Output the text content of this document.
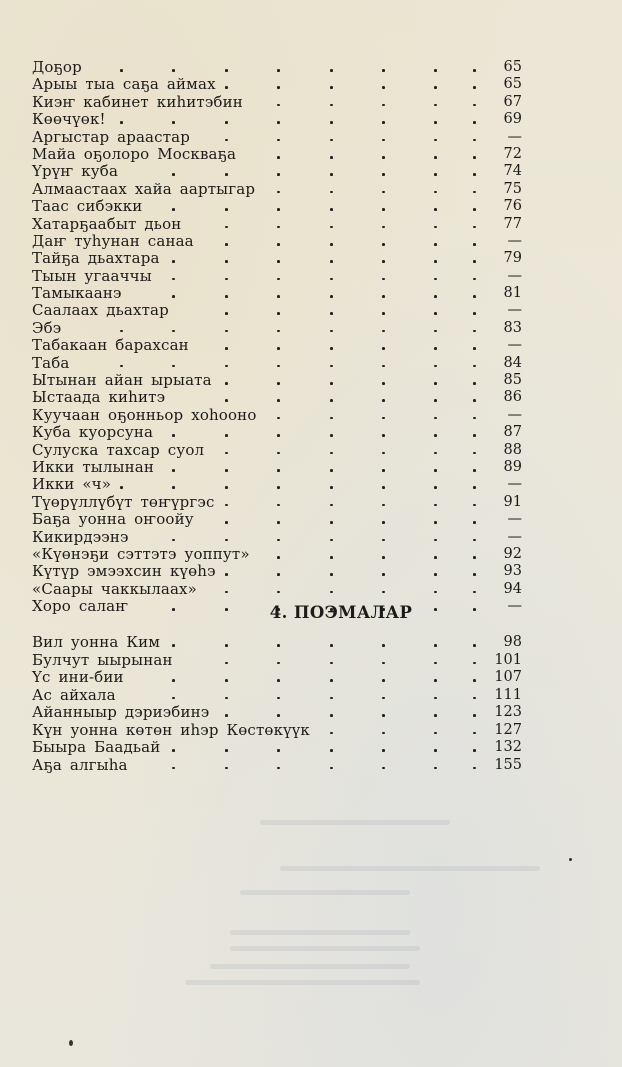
Доҕор	65
Арыы тыа саҕа аймах	65
Киэҥ кабинет киһитэбин	67
Көөчүөк!	69
Аргыстар араастар	—
Майа оҕолоро Москваҕа	72
Үрүҥ куба	74
Алмаастаах хайа аартыгар	75
Таас сибэкки	76
Хатарҕаабыт дьон	77
Даҥ туһунан санаа	—
Тайҕа дьахтара	79
Тыын угааччы	—
Тамыкаанэ	81
Саалаах дьахтар	—
Эбэ	83
Табакаан барахсан	—
Таба	84
Ытынан айан ырыата	85
Ыстаада киһитэ	86
Куучаан оҕонньор хоһооно	—
Куба куорсуна	87
Сулуска тахсар суол	88
Икки тылынан	89
Икки «ч»	—
Түөрүллүбүт төҥүргэс	91
Баҕа уонна оҥоойу	—
Кикирдээнэ	—
«Күөнэҕи сэттэтэ уоппут»	92
Күтүр эмээхсин күөһэ	93
«Саары чаккылаах»	94
Хоро салаҥ	—
4. ПОЭМАЛАР
Вил уонна Ким	98
Булчут ыырынан	101
Үс ини-бии	107
Ас айхала	111
Айанныыр дэриэбинэ	123
Күн уонна көтөн иһэр Көстөкүүк	127
Быыра Баадьай	132
Аҕа алгыһа	155
